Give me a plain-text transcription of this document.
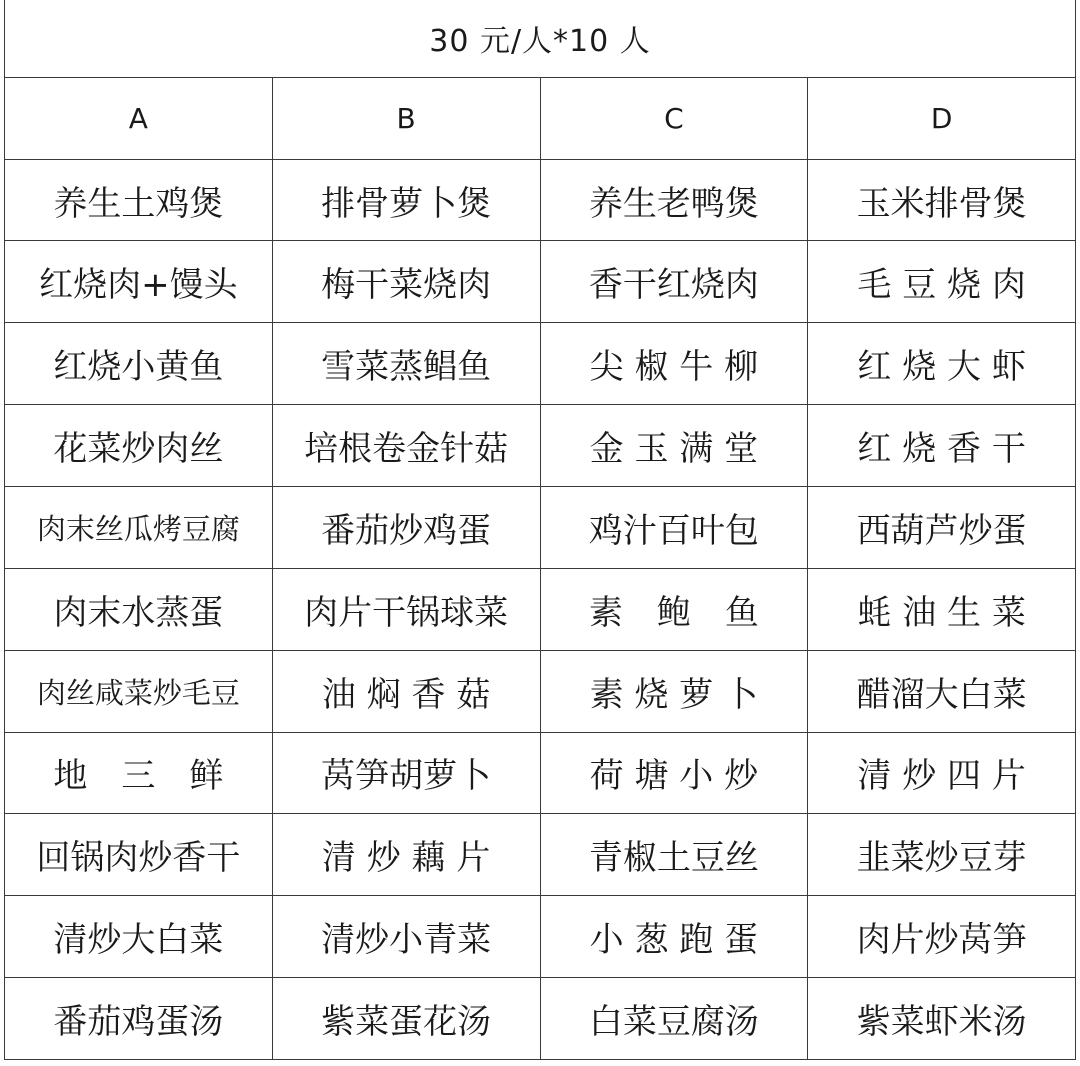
30 元/人*10 人			
A	B	C	D
养生土鸡煲	排骨萝卜煲	养生老鸭煲	玉米排骨煲
红烧肉+馒头	梅干菜烧肉	香干红烧肉	毛 豆 烧 肉
红烧小黄鱼	雪菜蒸鲳鱼	尖 椒 牛 柳	红 烧 大 虾
花菜炒肉丝	培根卷金针菇	金 玉 满 堂	红 烧 香 干
肉末丝瓜烤豆腐	番茄炒鸡蛋	鸡汁百叶包	西葫芦炒蛋
肉末水蒸蛋	肉片干锅球菜	素　鲍　鱼	蚝 油 生 菜
肉丝咸菜炒毛豆	油 焖 香 菇	素 烧 萝 卜	醋溜大白菜
地　三　鲜	莴笋胡萝卜	荷 塘 小 炒	清 炒 四 片
回锅肉炒香干	清 炒 藕 片	青椒土豆丝	韭菜炒豆芽
清炒大白菜	清炒小青菜	小 葱 跑 蛋	肉片炒莴笋
番茄鸡蛋汤	紫菜蛋花汤	白菜豆腐汤	紫菜虾米汤
